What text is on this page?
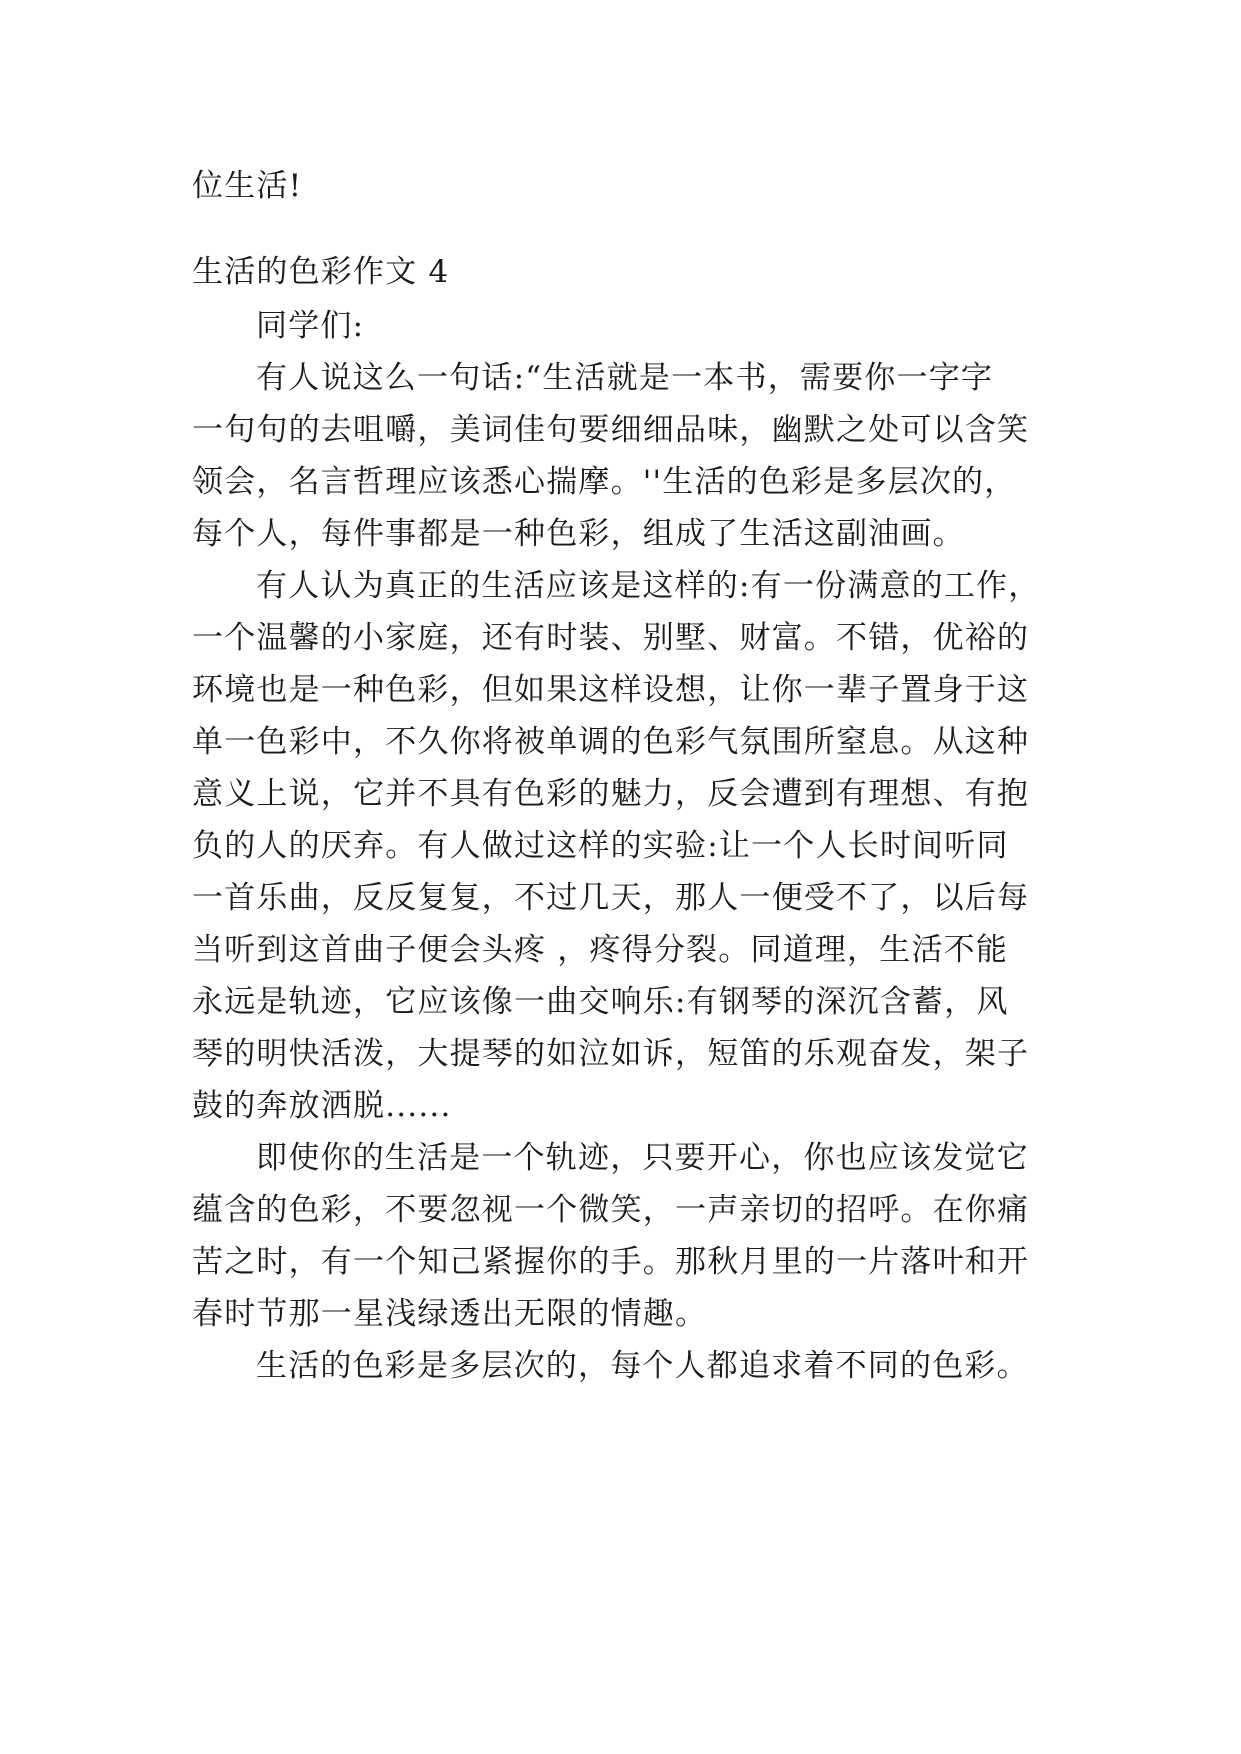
位生活!

生活的色彩作文 4

同学们:

有人说这么一句话:“生活就是一本书，需要你一字字

一句句的去咀嚼，美词佳句要细细品味，幽默之处可以含笑

领会，名言哲理应该悉心揣摩。''生活的色彩是多层次的，

每个人，每件事都是一种色彩，组成了生活这副油画。

有人认为真正的生活应该是这样的:有一份满意的工作，

一个温馨的小家庭，还有时装、别墅、财富。不错，优裕的

环境也是一种色彩，但如果这样设想，让你一辈子置身于这

单一色彩中，不久你将被单调的色彩气氛围所窒息。从这种

意义上说，它并不具有色彩的魅力，反会遭到有理想、有抱

负的人的厌弃。有人做过这样的实验:让一个人长时间听同

一首乐曲，反反复复，不过几天，那人一便受不了，以后每

当听到这首曲子便会头疼 ，疼得分裂。同道理，生活不能

永远是轨迹，它应该像一曲交响乐:有钢琴的深沉含蓄，风

琴的明快活泼，大提琴的如泣如诉，短笛的乐观奋发，架子

鼓的奔放洒脱......

即使你的生活是一个轨迹，只要开心，你也应该发觉它

蕴含的色彩，不要忽视一个微笑，一声亲切的招呼。在你痛

苦之时，有一个知己紧握你的手。那秋月里的一片落叶和开

春时节那一星浅绿透出无限的情趣。

生活的色彩是多层次的，每个人都追求着不同的色彩。
